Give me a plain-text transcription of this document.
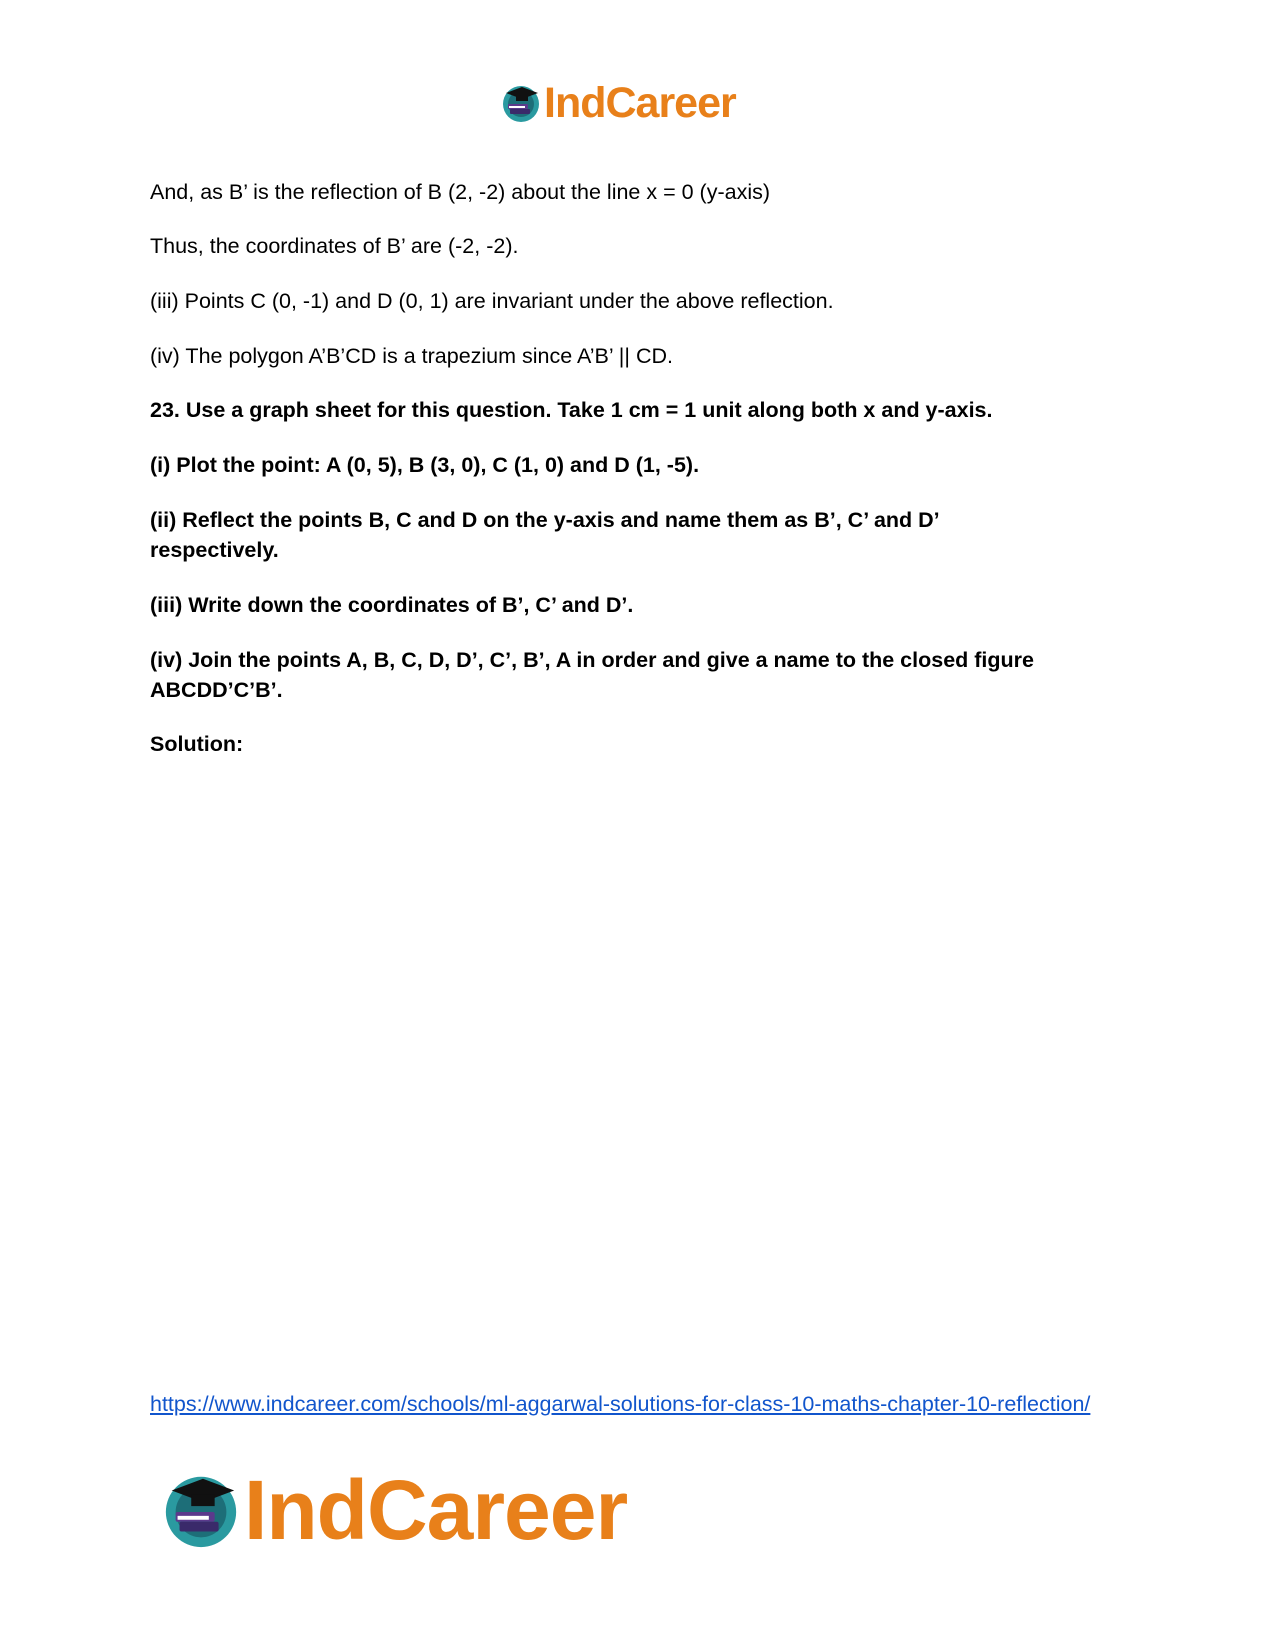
IndCareer

And, as B’ is the reflection of B (2, -2) about the line x = 0 (y-axis)

Thus, the coordinates of B’ are (-2, -2).

(iii) Points C (0, -1) and D (0, 1) are invariant under the above reflection.

(iv) The polygon A’B’CD is a trapezium since A’B’ || CD.

23. Use a graph sheet for this question. Take 1 cm = 1 unit along both x and y-axis.

(i) Plot the point: A (0, 5), B (3, 0), C (1, 0) and D (1, -5).

(ii) Reflect the points B, C and D on the y-axis and name them as B’, C’ and D’ respectively.

(iii) Write down the coordinates of B’, C’ and D’.

(iv) Join the points A, B, C, D, D’, C’, B’, A in order and give a name to the closed figure ABCDD’C’B’.

Solution:

https://www.indcareer.com/schools/ml-aggarwal-solutions-for-class-10-maths-chapter-10-reflection/
IndCareer
